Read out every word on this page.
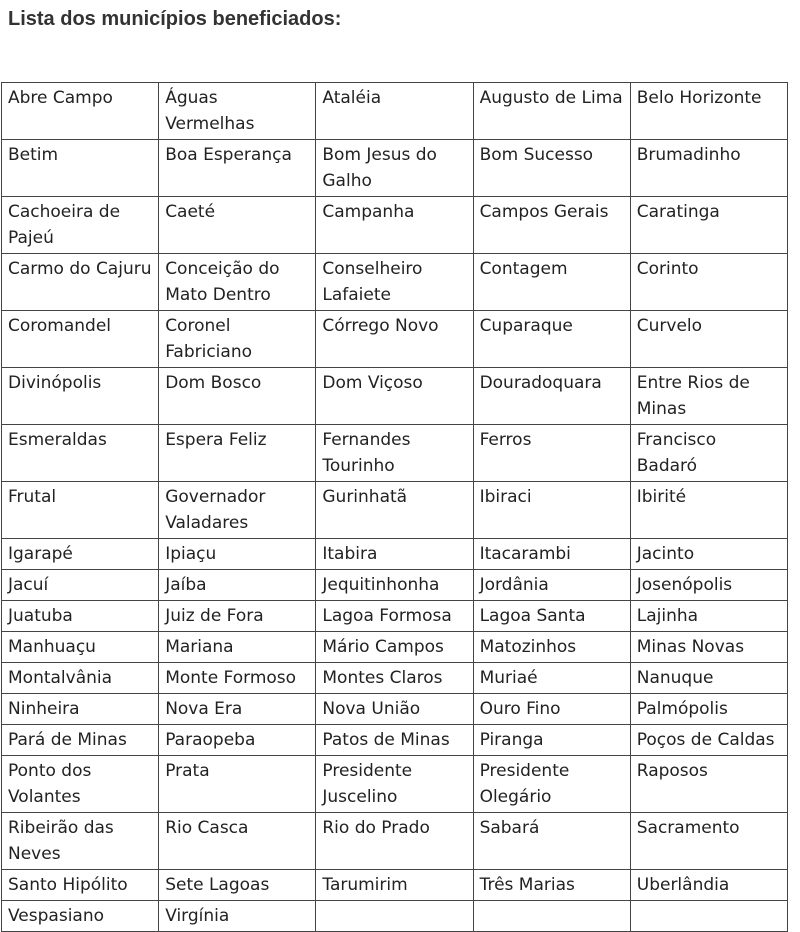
Lista dos municípios beneficiados:
Abre Campo	Águas Vermelhas	Ataléia	Augusto de Lima	Belo Horizonte
Betim	Boa Esperança	Bom Jesus do Galho	Bom Sucesso	Brumadinho
Cachoeira de Pajeú	Caeté	Campanha	Campos Gerais	Caratinga
Carmo do Cajuru	Conceição do Mato Dentro	Conselheiro Lafaiete	Contagem	Corinto
Coromandel	Coronel Fabriciano	Córrego Novo	Cuparaque	Curvelo
Divinópolis	Dom Bosco	Dom Viçoso	Douradoquara	Entre Rios de Minas
Esmeraldas	Espera Feliz	Fernandes Tourinho	Ferros	Francisco Badaró
Frutal	Governador Valadares	Gurinhatã	Ibiraci	Ibirité
Igarapé	Ipiaçu	Itabira	Itacarambi	Jacinto
Jacuí	Jaíba	Jequitinhonha	Jordânia	Josenópolis
Juatuba	Juiz de Fora	Lagoa Formosa	Lagoa Santa	Lajinha
Manhuaçu	Mariana	Mário Campos	Matozinhos	Minas Novas
Montalvânia	Monte Formoso	Montes Claros	Muriaé	Nanuque
Ninheira	Nova Era	Nova União	Ouro Fino	Palmópolis
Pará de Minas	Paraopeba	Patos de Minas	Piranga	Poços de Caldas
Ponto dos Volantes	Prata	Presidente Juscelino	Presidente Olegário	Raposos
Ribeirão das Neves	Rio Casca	Rio do Prado	Sabará	Sacramento
Santo Hipólito	Sete Lagoas	Tarumirim	Três Marias	Uberlândia
Vespasiano	Virgínia			
